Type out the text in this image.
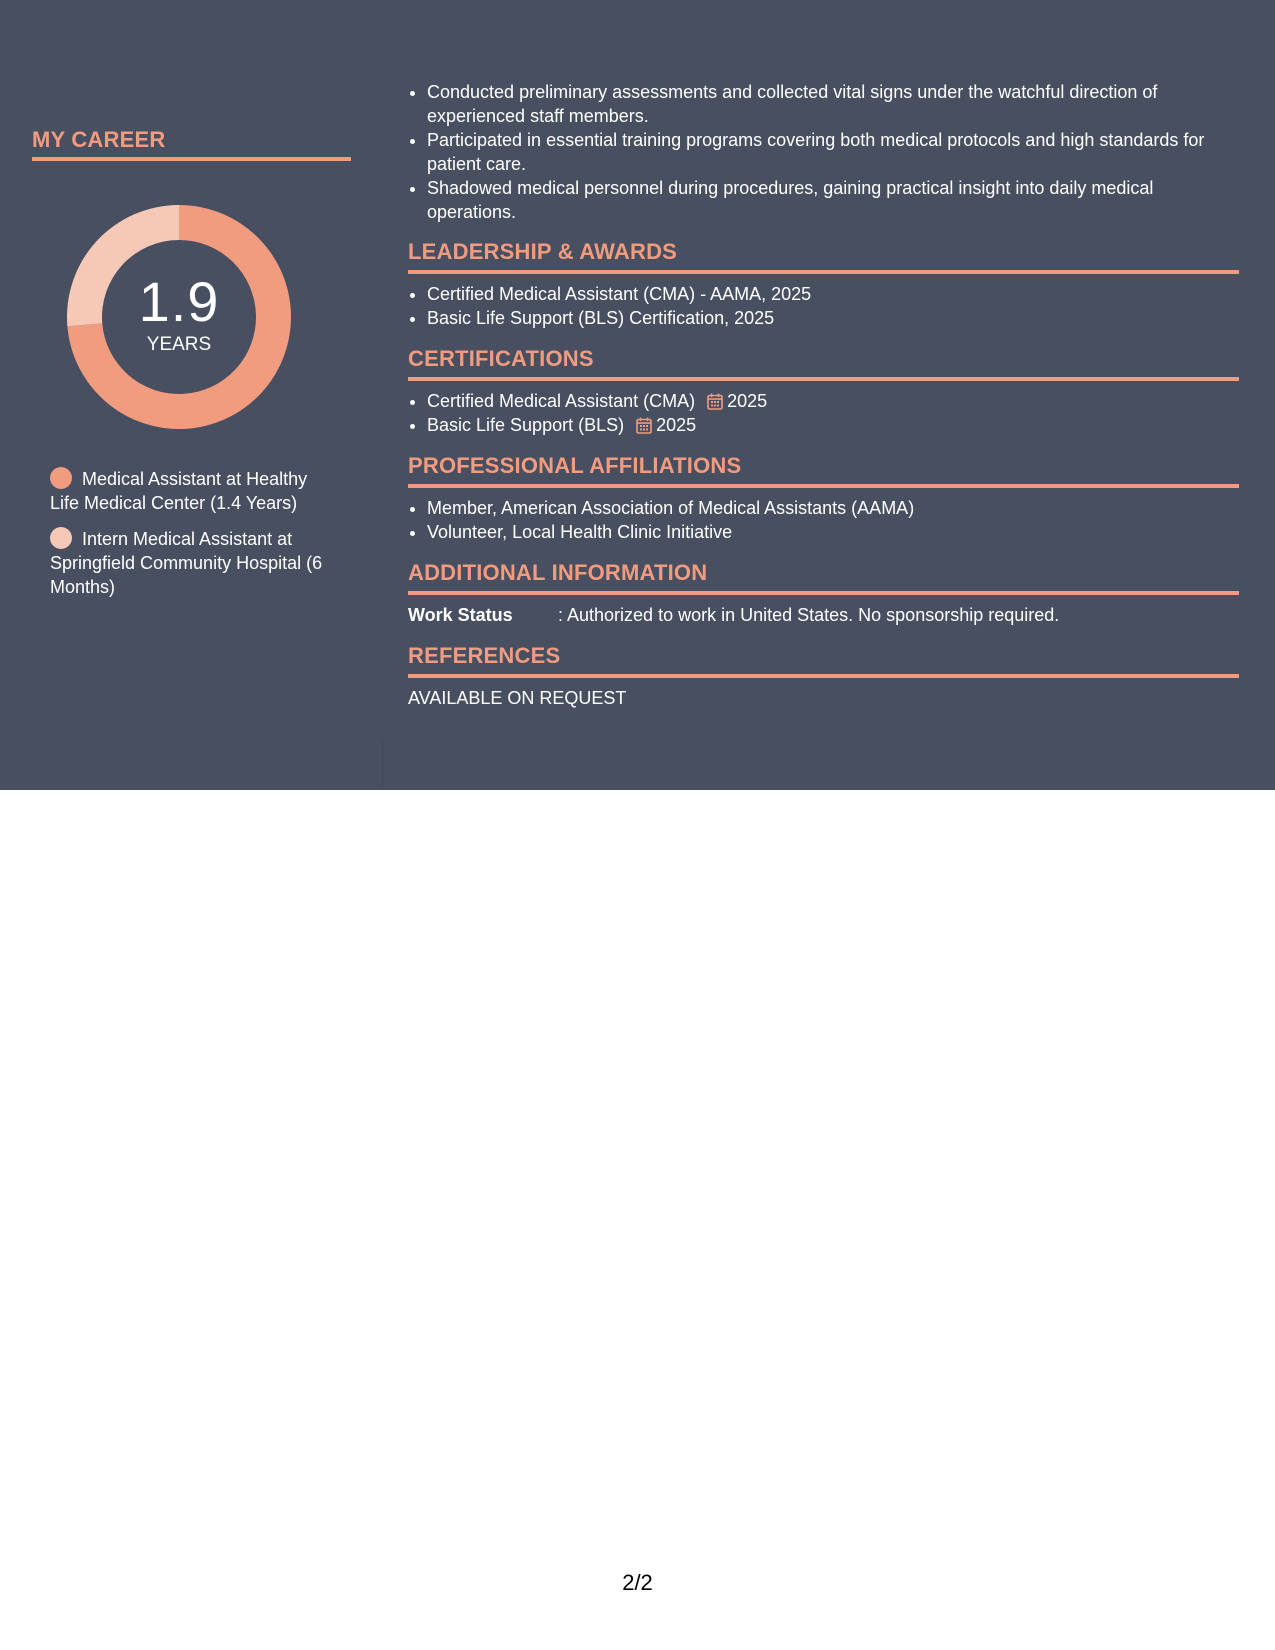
MY CAREER
1.9
YEARS
Medical Assistant at Healthy Life Medical Center (1.4 Years)
Intern Medical Assistant at Springfield Community Hospital (6 Months)
• Conducted preliminary assessments and collected vital signs under the watchful direction of experienced staff members.
• Participated in essential training programs covering both medical protocols and high standards for patient care.
• Shadowed medical personnel during procedures, gaining practical insight into daily medical operations.
LEADERSHIP & AWARDS
• Certified Medical Assistant (CMA) - AAMA, 2025
• Basic Life Support (BLS) Certification, 2025
CERTIFICATIONS
• Certified Medical Assistant (CMA) 2025
• Basic Life Support (BLS) 2025
PROFESSIONAL AFFILIATIONS
• Member, American Association of Medical Assistants (AAMA)
• Volunteer, Local Health Clinic Initiative
ADDITIONAL INFORMATION
Work Status	: Authorized to work in United States. No sponsorship required.
REFERENCES
AVAILABLE ON REQUEST
2/2
